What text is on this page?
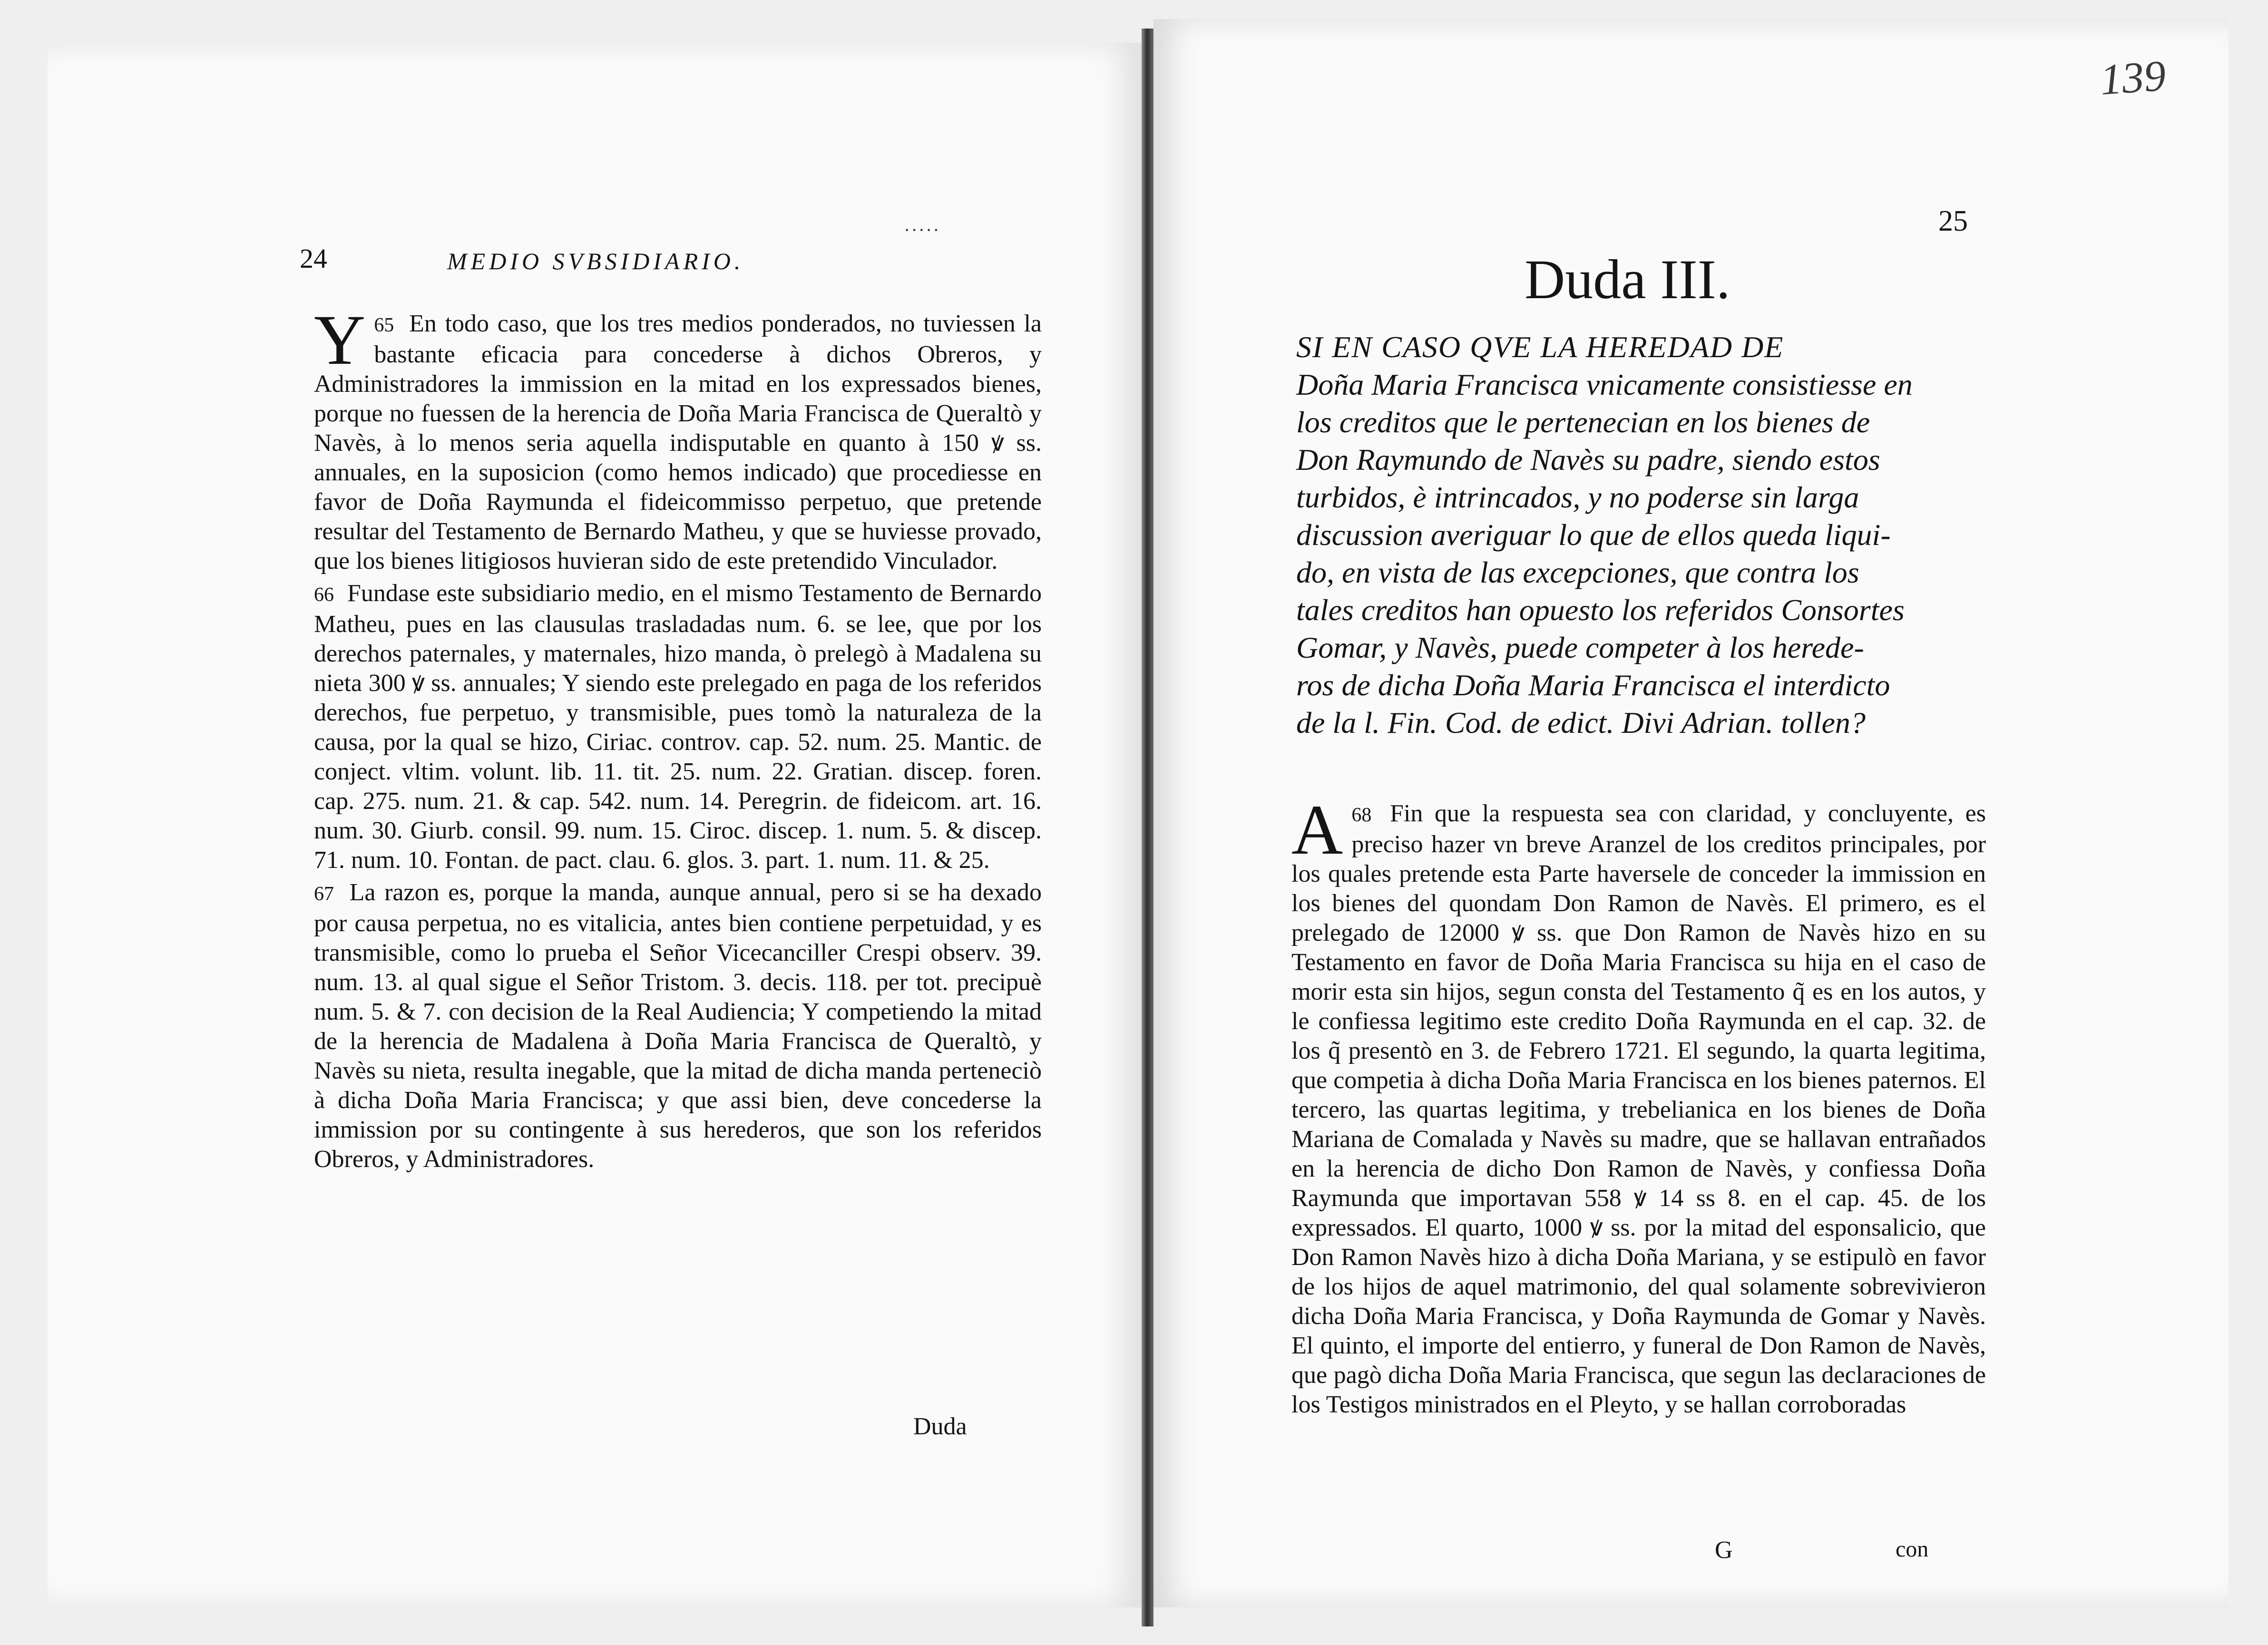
24	MEDIO SVBSIDIARIO.
·····

65
Y En todo caso, que los tres medios ponderados, no tuviessen la bastante eficacia para concederse à dichos Obreros, y Administradores la immission en la mitad en los expressados bienes, porque no fuessen de la herencia de Doña Maria Francisca de Queraltò y Navès, à lo menos seria aquella indisputable en quanto à 150 ꝟ ss. annuales, en la suposicion (como hemos indicado) que procediesse en favor de Doña Raymunda el fideicommisso perpetuo, que pretende resultar del Testamento de Bernardo Matheu, y que se huviesse provado, que los bienes litigiosos huvieran sido de este pretendido Vinculador.

66 Fundase este subsidiario medio, en el mismo Testamento de Bernardo Matheu, pues en las clausulas trasladadas num. 6. se lee, que por los derechos paternales, y maternales, hizo manda, ò prelegò à Madalena su nieta 300 ꝟ ss. annuales; Y siendo este prelegado en paga de los referidos derechos, fue perpetuo, y transmisible, pues tomò la naturaleza de la causa, por la qual se hizo, Ciriac. controv. cap. 52. num. 25. Mantic. de conject. vltim. volunt. lib. 11. tit. 25. num. 22. Gratian. discep. foren. cap. 275. num. 21. & cap. 542. num. 14. Peregrin. de fideicom. art. 16. num. 30. Giurb. consil. 99. num. 15. Ciroc. discep. 1. num. 5. & discep. 71. num. 10. Fontan. de pact. clau. 6. glos. 3. part. 1. num. 11. & 25.

67 La razon es, porque la manda, aunque annual, pero si se ha dexado por causa perpetua, no es vitalicia, antes bien contiene perpetuidad, y es transmisible, como lo prueba el Señor Vicecanciller Crespi observ. 39. num. 13. al qual sigue el Señor Tristom. 3. decis. 118. per tot. precipuè num. 5. & 7. con decision de la Real Audiencia; Y competiendo la mitad de la herencia de Madalena à Doña Maria Francisca de Queraltò, y Navès su nieta, resulta inegable, que la mitad de dicha manda perteneciò à dicha Doña Maria Francisca; y que assi bien, deve concederse la immission por su contingente à sus herederos, que son los referidos Obreros, y Administradores.

Duda
139
25
Duda III.
SI EN CASO QVE LA HEREDAD DE
Doña Maria Francisca vnicamente consistiesse en
los creditos que le pertenecian en los bienes de
Don Raymundo de Navès su padre, siendo estos
turbidos, è intrincados, y no poderse sin larga
discussion averiguar lo que de ellos queda liqui-
do, en vista de las excepciones, que contra los
tales creditos han opuesto los referidos Consortes
Gomar, y Navès, puede competer à los herede-
ros de dicha Doña Maria Francisca el interdicto
de la l. Fin. Cod. de edict. Divi Adrian. tollen?

68
A Fin que la respuesta sea con claridad, y concluyente, es preciso hazer vn breve Aranzel de los creditos principales, por los quales pretende esta Parte haversele de conceder la immission en los bienes del quondam Don Ramon de Navès. El primero, es el prelegado de 12000 ꝟ ss. que Don Ramon de Navès hizo en su Testamento en favor de Doña Maria Francisca su hija en el caso de morir esta sin hijos, segun consta del Testamento q̃ es en los autos, y le confiessa legitimo este credito Doña Raymunda en el cap. 32. de los q̃ presentò en 3. de Febrero 1721. El segundo, la quarta legitima, que competia à dicha Doña Maria Francisca en los bienes paternos. El tercero, las quartas legitima, y trebelianica en los bienes de Doña Mariana de Comalada y Navès su madre, que se hallavan entrañados en la herencia de dicho Don Ramon de Navès, y confiessa Doña Raymunda que importavan 558 ꝟ 14 ss 8. en el cap. 45. de los expressados. El quarto, 1000 ꝟ ss. por la mitad del esponsalicio, que Don Ramon Navès hizo à dicha Doña Mariana, y se estipulò en favor de los hijos de aquel matrimonio, del qual solamente sobrevivieron dicha Doña Maria Francisca, y Doña Raymunda de Gomar y Navès. El quinto, el importe del entierro, y funeral de Don Ramon de Navès, que pagò dicha Doña Maria Francisca, que segun las declaraciones de los Testigos ministrados en el Pleyto, y se hallan corroboradas

G	con
